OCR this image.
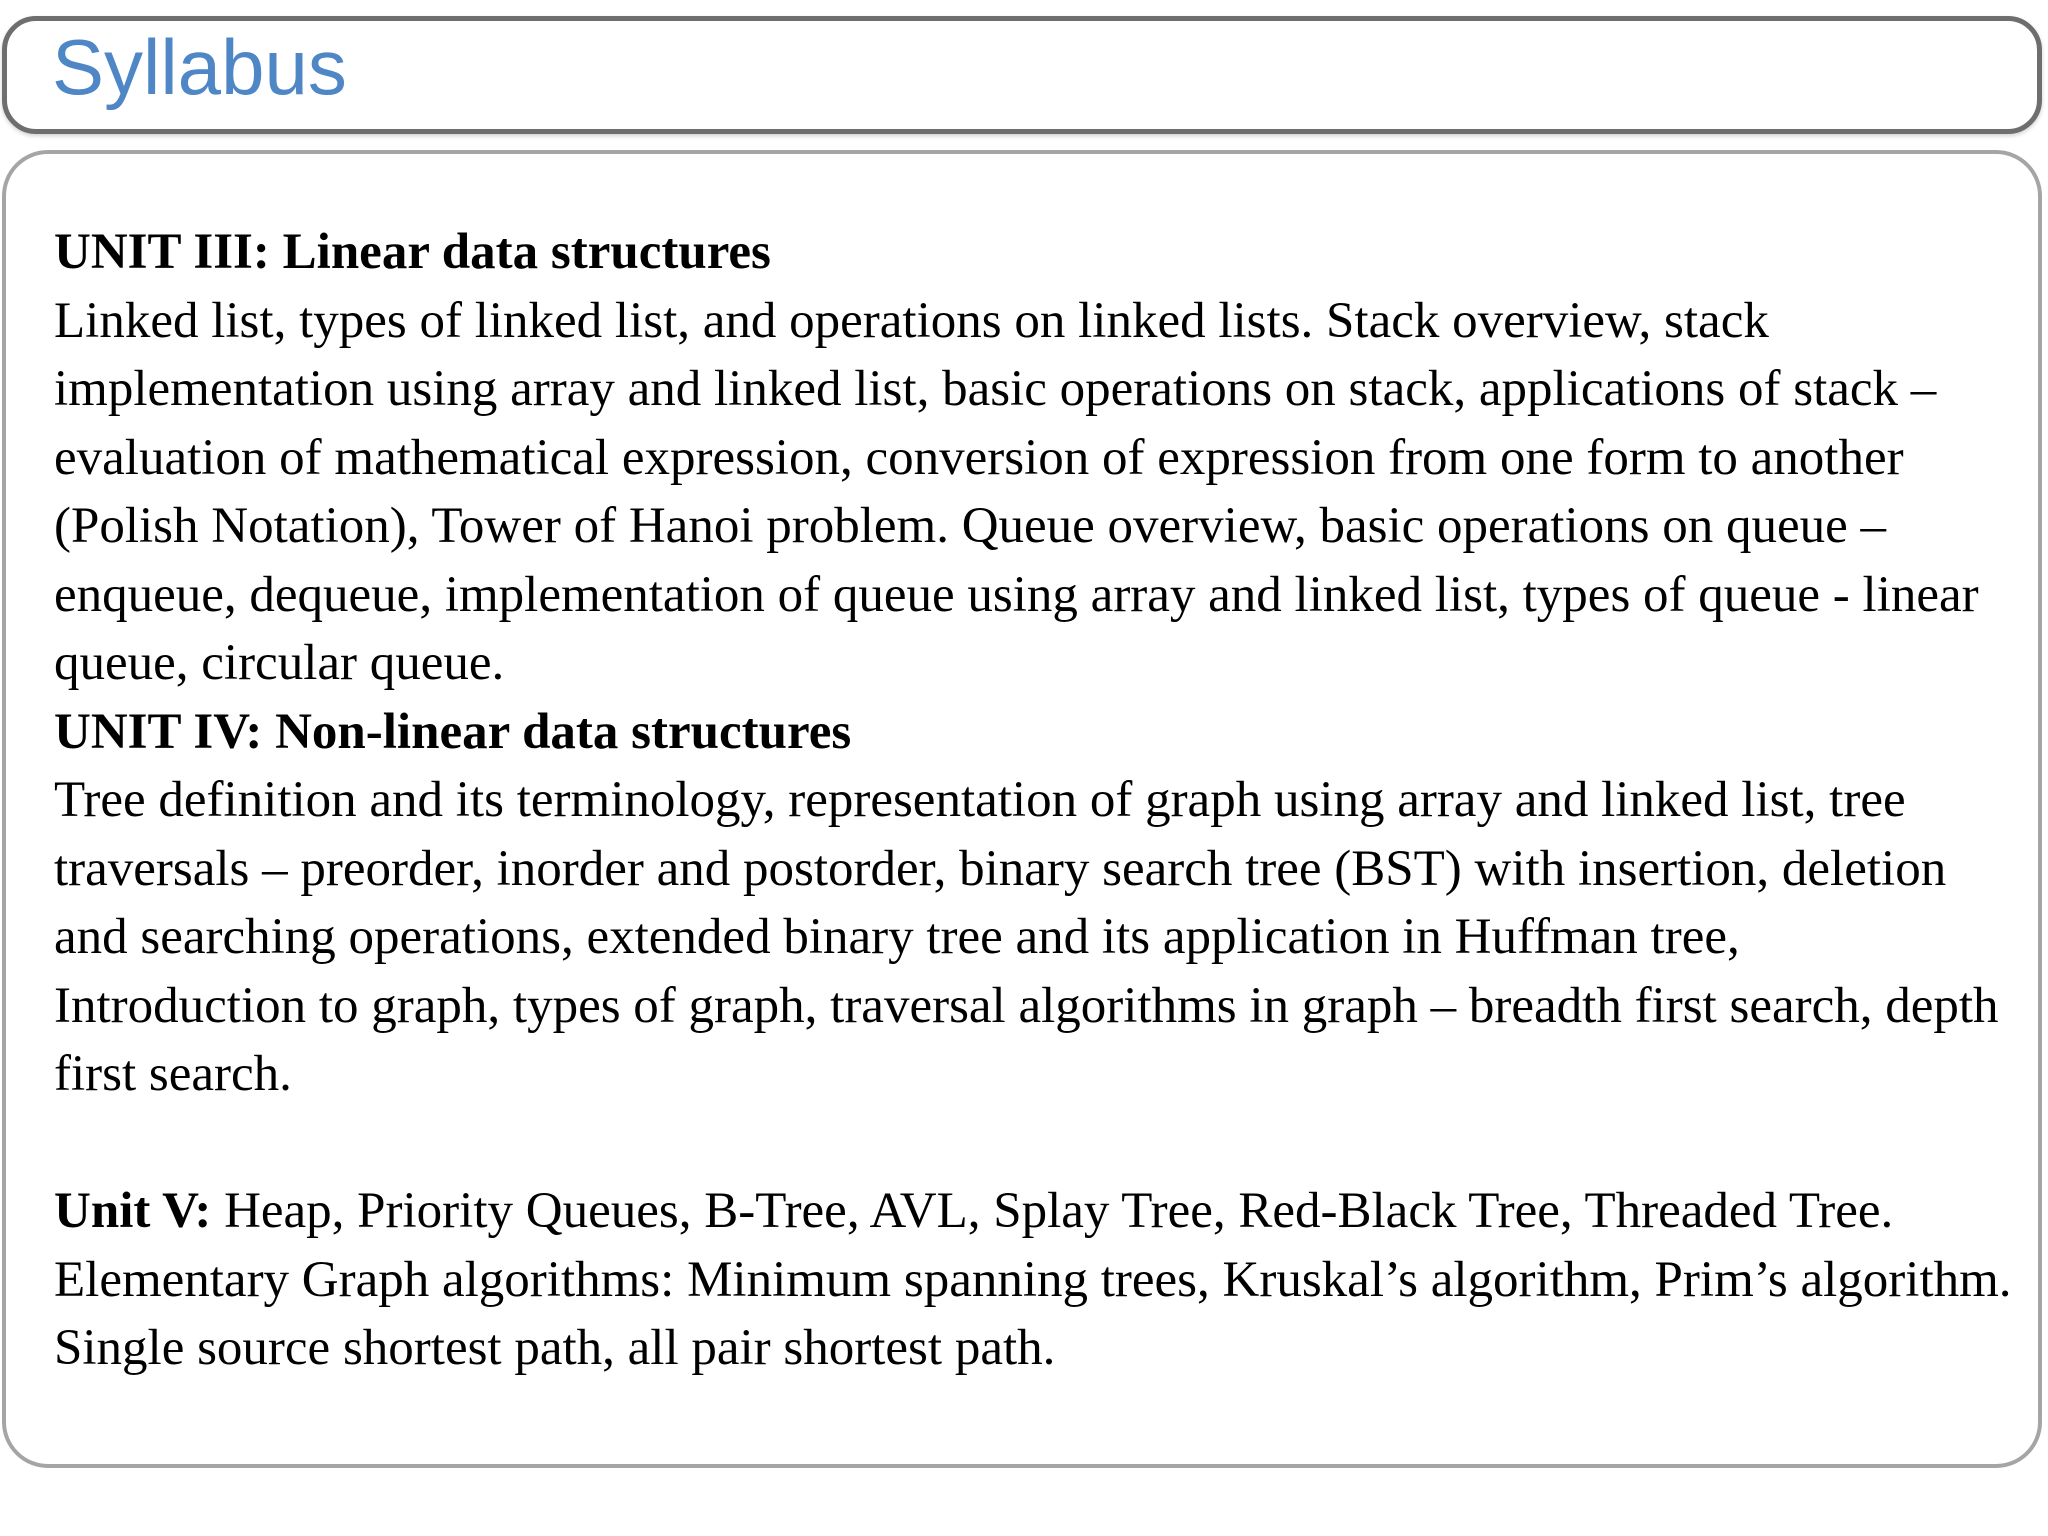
Syllabus

UNIT III: Linear data structures

Linked list, types of linked list, and operations on linked lists. Stack overview, stack implementation using array and linked list, basic operations on stack, applications of stack – evaluation of mathematical expression, conversion of expression from one form to another (Polish Notation), Tower of Hanoi problem. Queue overview, basic operations on queue – enqueue, dequeue, implementation of queue using array and linked list, types of queue - linear queue, circular queue.

UNIT IV: Non-linear data structures

Tree definition and its terminology, representation of graph using array and linked list, tree traversals – preorder, inorder and postorder, binary search tree (BST) with insertion, deletion and searching operations, extended binary tree and its application in Huffman tree,

Introduction to graph, types of graph, traversal algorithms in graph – breadth first search, depth first search.

Unit V: Heap, Priority Queues, B-Tree, AVL, Splay Tree, Red-Black Tree, Threaded Tree. Elementary Graph algorithms: Minimum spanning trees, Kruskal’s algorithm, Prim’s algorithm. Single source shortest path, all pair shortest path.
